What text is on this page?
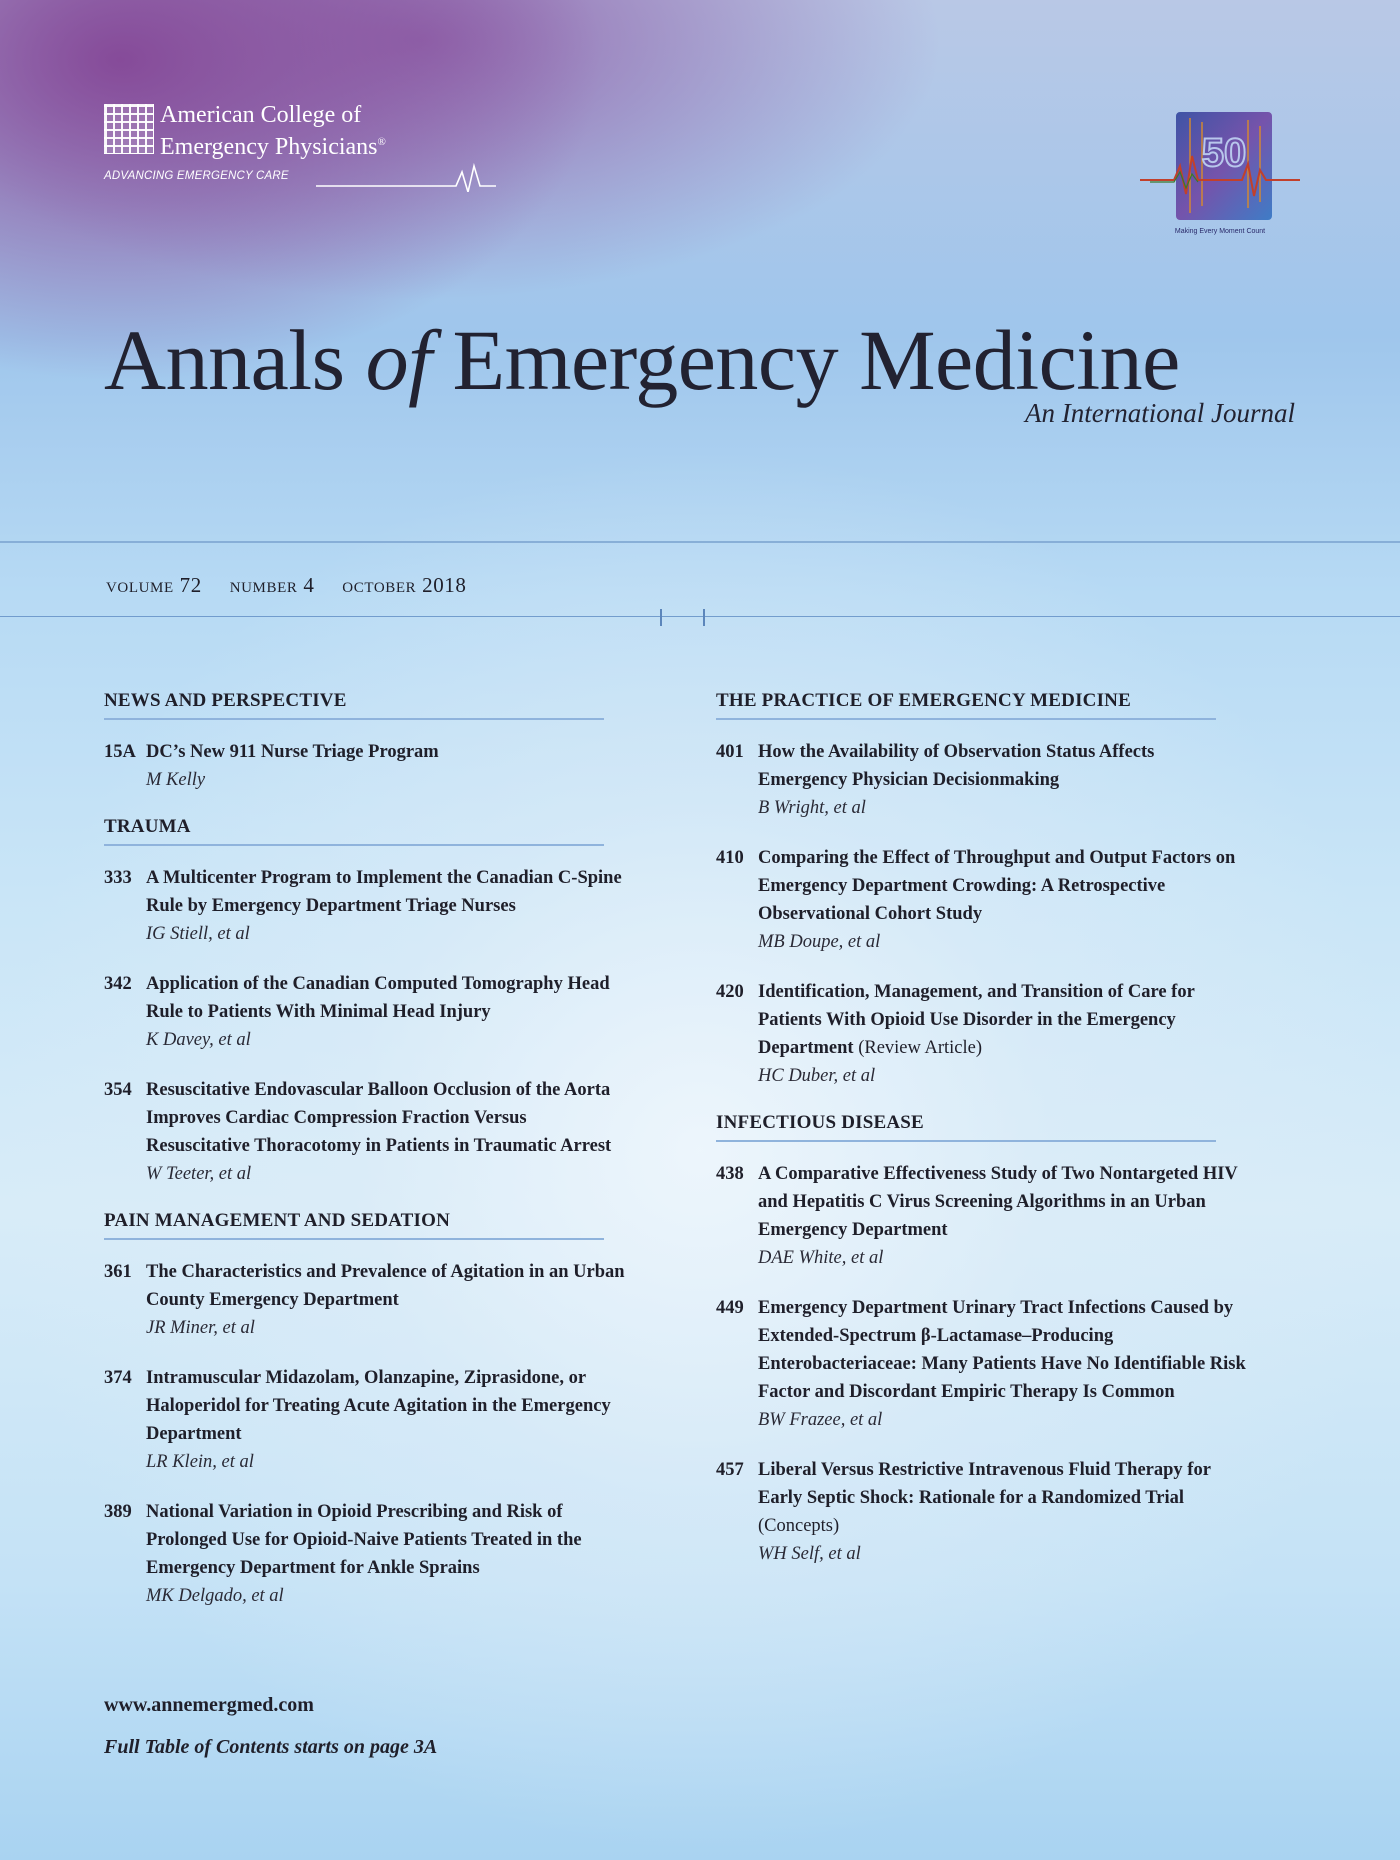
American College of
Emergency Physicians®
ADVANCING EMERGENCY CARE
50
Making Every Moment Count
Annals of Emergency Medicine

An International Journal

volume 72 number 4 october 2018
NEWS AND PERSPECTIVE
15A DC’s New 911 Nurse Triage Program
M Kelly
TRAUMA
333 A Multicenter Program to Implement the Canadian C-Spine Rule by Emergency Department Triage Nurses
IG Stiell, et al
342 Application of the Canadian Computed Tomography Head Rule to Patients With Minimal Head Injury
K Davey, et al
354 Resuscitative Endovascular Balloon Occlusion of the Aorta Improves Cardiac Compression Fraction Versus Resuscitative Thoracotomy in Patients in Traumatic Arrest
W Teeter, et al
PAIN MANAGEMENT AND SEDATION
361 The Characteristics and Prevalence of Agitation in an Urban County Emergency Department
JR Miner, et al
374 Intramuscular Midazolam, Olanzapine, Ziprasidone, or Haloperidol for Treating Acute Agitation in the Emergency Department
LR Klein, et al
389 National Variation in Opioid Prescribing and Risk of Prolonged Use for Opioid-Naive Patients Treated in the Emergency Department for Ankle Sprains
MK Delgado, et al
THE PRACTICE OF EMERGENCY MEDICINE
401 How the Availability of Observation Status Affects Emergency Physician Decisionmaking
B Wright, et al
410 Comparing the Effect of Throughput and Output Factors on Emergency Department Crowding: A Retrospective Observational Cohort Study
MB Doupe, et al
420 Identification, Management, and Transition of Care for Patients With Opioid Use Disorder in the Emergency Department (Review Article)
HC Duber, et al
INFECTIOUS DISEASE
438 A Comparative Effectiveness Study of Two Nontargeted HIV and Hepatitis C Virus Screening Algorithms in an Urban Emergency Department
DAE White, et al
449 Emergency Department Urinary Tract Infections Caused by Extended-Spectrum β-Lactamase–Producing Enterobacteriaceae: Many Patients Have No Identifiable Risk Factor and Discordant Empiric Therapy Is Common
BW Frazee, et al
457 Liberal Versus Restrictive Intravenous Fluid Therapy for Early Septic Shock: Rationale for a Randomized Trial (Concepts)
WH Self, et al
www.annemergmed.com
Full Table of Contents starts on page 3A
